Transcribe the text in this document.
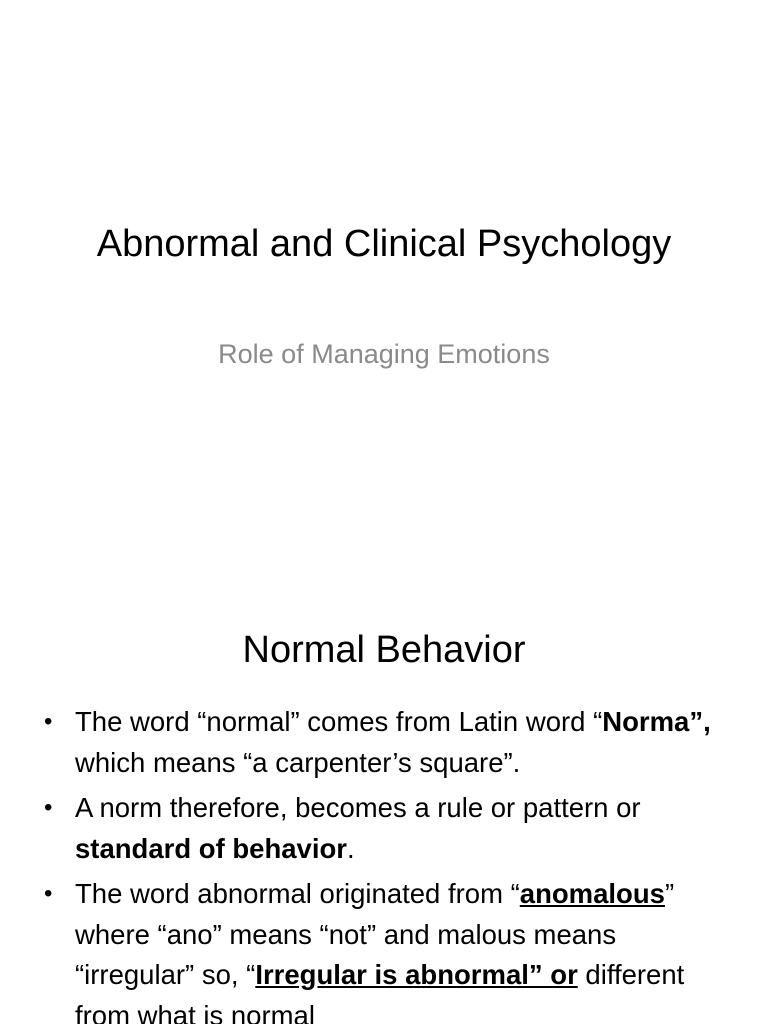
Abnormal and Clinical Psychology

Role of Managing Emotions

Normal Behavior
• The word “normal” comes from Latin word “Norma”, which means “a carpenter’s square”.
• A norm therefore, becomes a rule or pattern or standard of behavior.
• The word abnormal originated from “anomalous” where “ano” means “not” and malous means “irregular” so, “Irregular is abnormal” or different from what is normal
